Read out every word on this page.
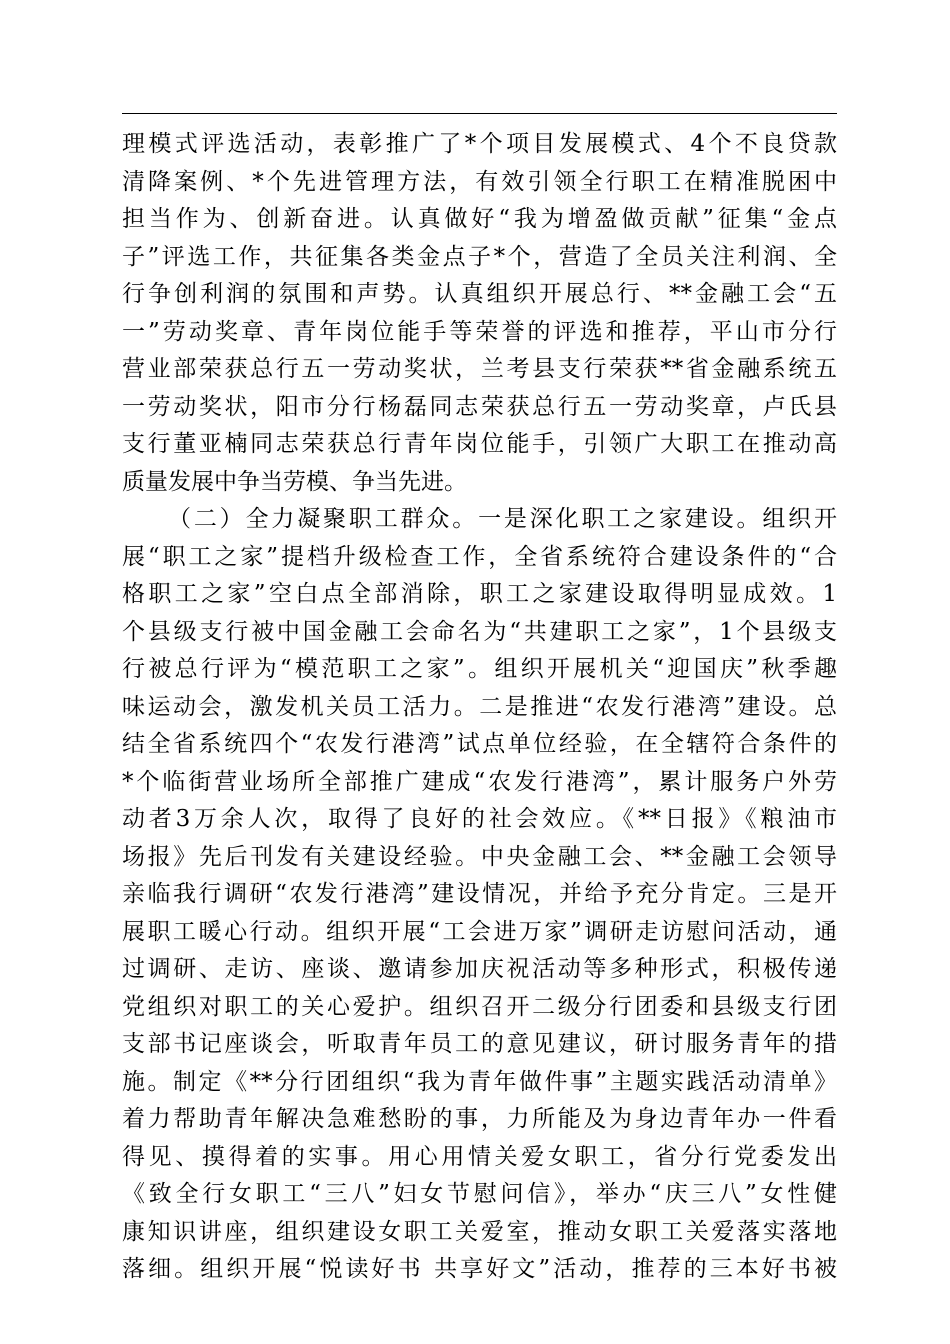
理模式评选活动，表彰推广了*个项目发展模式、4个不良贷款
清降案例、*个先进管理方法，有效引领全行职工在精准脱困中
担当作为、创新奋进。认真做好“我为增盈做贡献”征集“金点
子”评选工作，共征集各类金点子*个，营造了全员关注利润、全
行争创利润的氛围和声势。认真组织开展总行、**金融工会“五
一”劳动奖章、青年岗位能手等荣誉的评选和推荐，平山市分行
营业部荣获总行五一劳动奖状，兰考县支行荣获**省金融系统五
一劳动奖状，阳市分行杨磊同志荣获总行五一劳动奖章，卢氏县
支行董亚楠同志荣获总行青年岗位能手，引领广大职工在推动高
质量发展中争当劳模、争当先进。
（二）全力凝聚职工群众。一是深化职工之家建设。组织开
展“职工之家”提档升级检查工作，全省系统符合建设条件的“合
格职工之家”空白点全部消除，职工之家建设取得明显成效。1
个县级支行被中国金融工会命名为“共建职工之家”，1个县级支
行被总行评为“模范职工之家”。组织开展机关“迎国庆”秋季趣
味运动会，激发机关员工活力。二是推进“农发行港湾”建设。总
结全省系统四个“农发行港湾”试点单位经验，在全辖符合条件的
*个临街营业场所全部推广建成“农发行港湾”，累计服务户外劳
动者3万余人次，取得了良好的社会效应。《**日报》《粮油市
场报》先后刊发有关建设经验。中央金融工会、**金融工会领导
亲临我行调研“农发行港湾”建设情况，并给予充分肯定。三是开
展职工暖心行动。组织开展“工会进万家”调研走访慰问活动，通
过调研、走访、座谈、邀请参加庆祝活动等多种形式，积极传递
党组织对职工的关心爱护。组织召开二级分行团委和县级支行团
支部书记座谈会，听取青年员工的意见建议，研讨服务青年的措
施。制定《**分行团组织“我为青年做件事”主题实践活动清单》
着力帮助青年解决急难愁盼的事，力所能及为身边青年办一件看
得见、摸得着的实事。用心用情关爱女职工，省分行党委发出
《致全行女职工“三八”妇女节慰问信》，举办“庆三八”女性健
康知识讲座，组织建设女职工关爱室，推动女职工关爱落实落地
落细。组织开展“悦读好书 共享好文”活动，推荐的三本好书被
